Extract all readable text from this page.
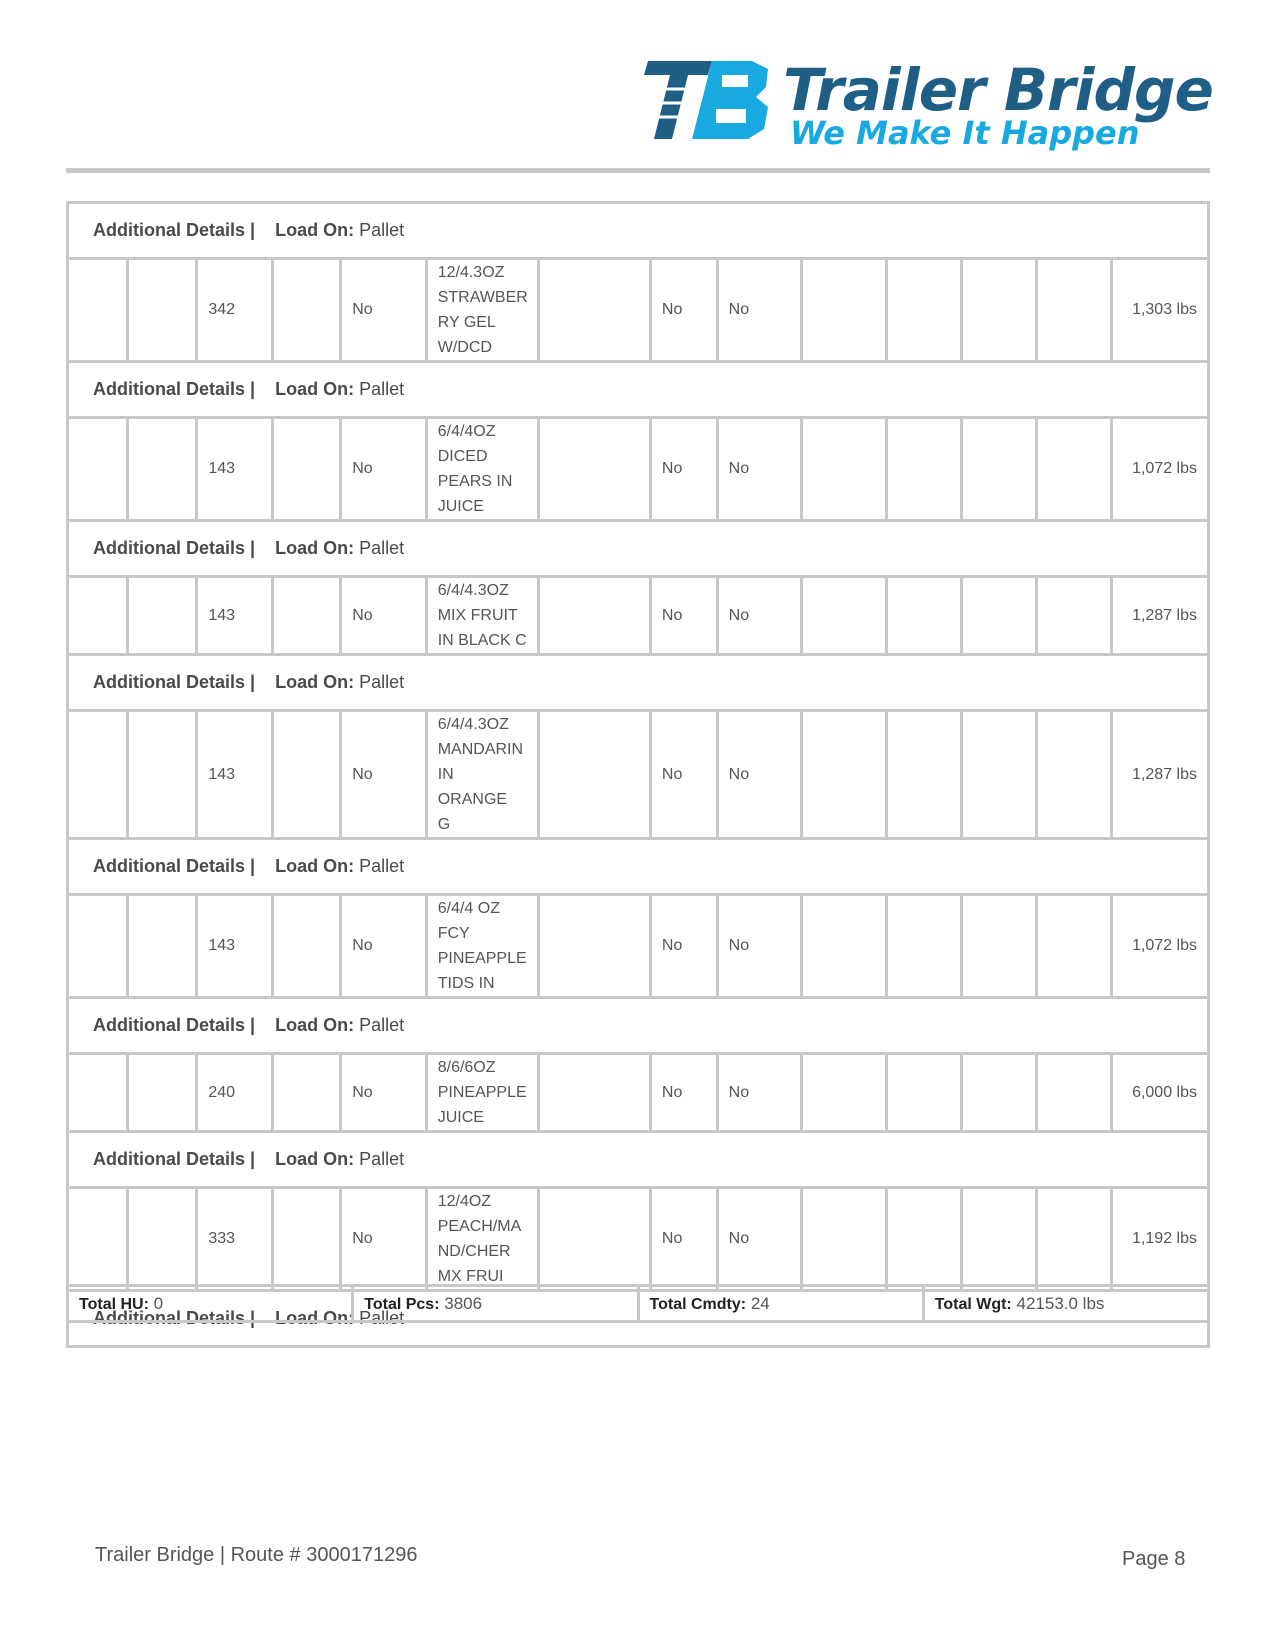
Trailer Bridge
We Make It Happen
Additional Details | Load On: Pallet													
		342		No	12/4.3OZ
STRAWBER
RY GEL
W/DCD		No	No					1,303 lbs
Additional Details | Load On: Pallet													
		143		No	6/4/4OZ
DICED
PEARS IN
JUICE		No	No					1,072 lbs
Additional Details | Load On: Pallet													
		143		No	6/4/4.3OZ
MIX FRUIT
IN BLACK C		No	No					1,287 lbs
Additional Details | Load On: Pallet													
		143		No	6/4/4.3OZ
MANDARIN
IN ORANGE
G		No	No					1,287 lbs
Additional Details | Load On: Pallet													
		143		No	6/4/4 OZ
FCY
PINEAPPLE
TIDS IN		No	No					1,072 lbs
Additional Details | Load On: Pallet													
		240		No	8/6/6OZ
PINEAPPLE
JUICE		No	No					6,000 lbs
Additional Details | Load On: Pallet													
		333		No	12/4OZ
PEACH/MA
ND/CHER
MX FRUI		No	No					1,192 lbs
Additional Details | Load On: Pallet													
Total HU: 0	Total Pcs: 3806	Total Cmdty: 24	Total Wgt: 42153.0 lbs
Trailer Bridge | Route # 3000171296	Page 8
